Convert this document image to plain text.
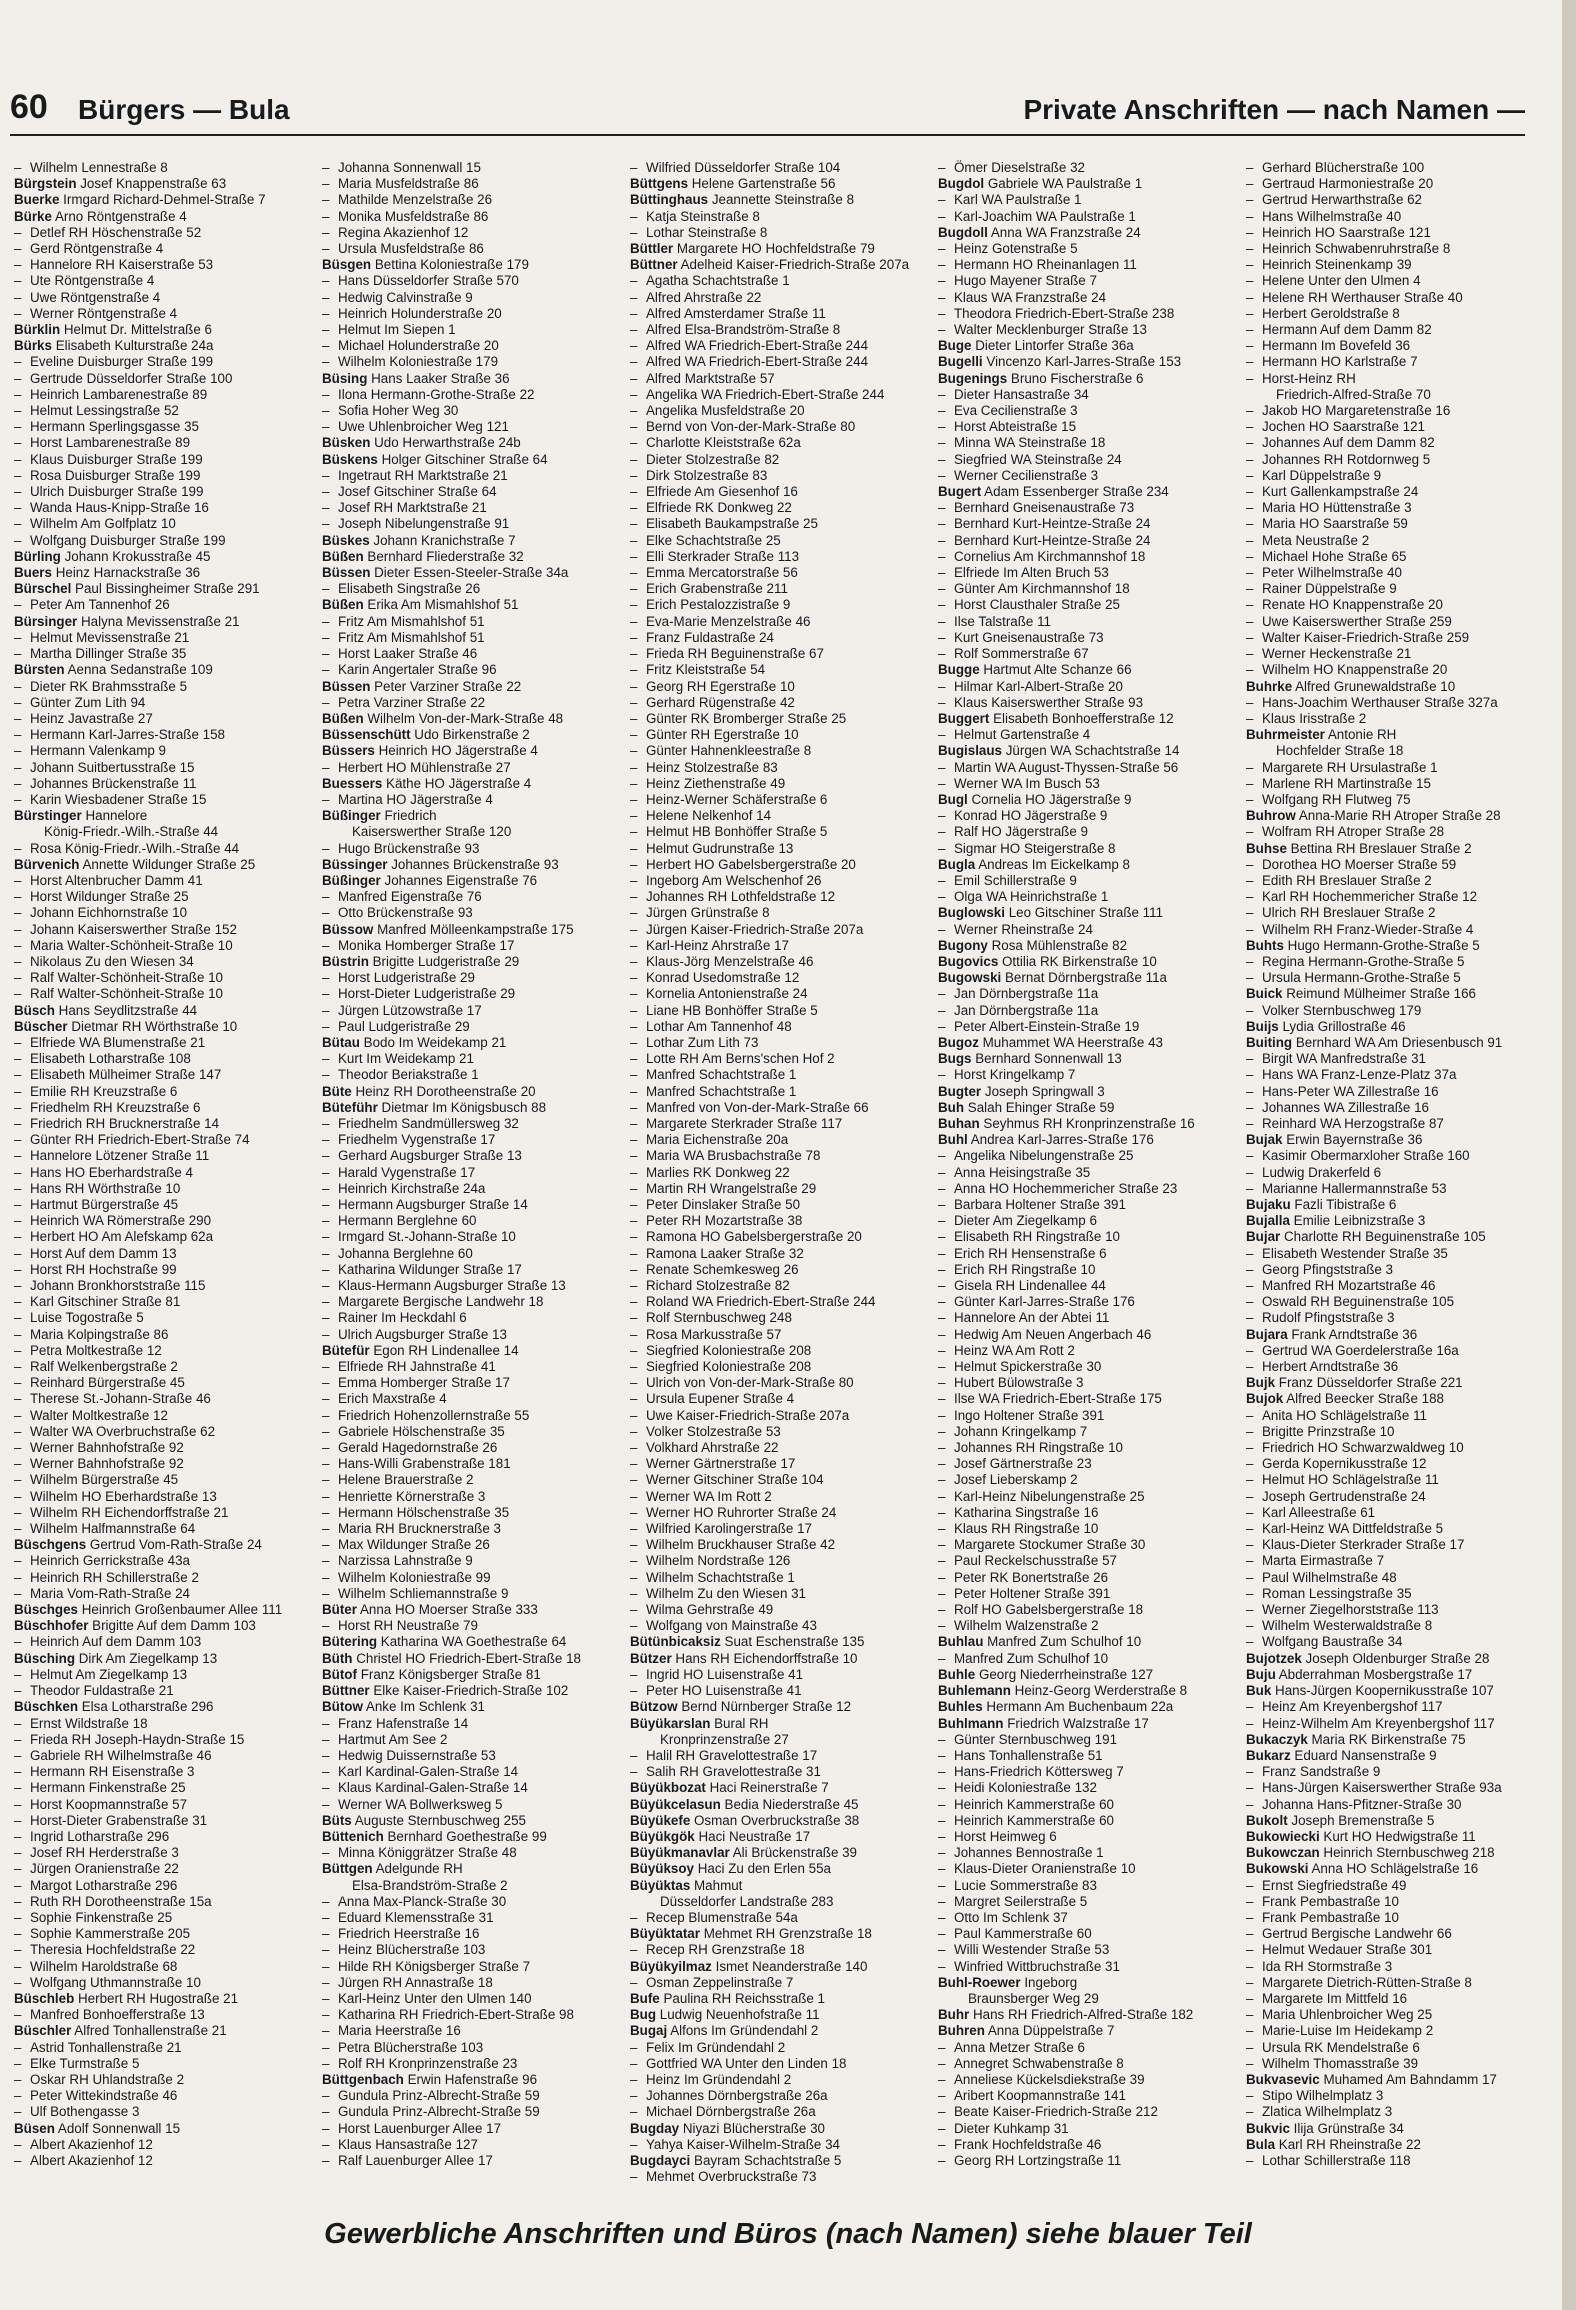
60 Bürgers — Bula	Private Anschriften — nach Namen —
– Wilhelm Lennestraße 8
Bürgstein Josef Knappenstraße 63
Buerke Irmgard Richard-Dehmel-Straße 7
Bürke Arno Röntgenstraße 4
– Detlef RH Höschenstraße 52
– Gerd Röntgenstraße 4
– Hannelore RH Kaiserstraße 53
– Ute Röntgenstraße 4
– Uwe Röntgenstraße 4
– Werner Röntgenstraße 4
Bürklin Helmut Dr. Mittelstraße 6
Bürks Elisabeth Kulturstraße 24a
– Eveline Duisburger Straße 199
– Gertrude Düsseldorfer Straße 100
– Heinrich Lambarenestraße 89
– Helmut Lessingstraße 52
– Hermann Sperlingsgasse 35
– Horst Lambarenestraße 89
– Klaus Duisburger Straße 199
– Rosa Duisburger Straße 199
– Ulrich Duisburger Straße 199
– Wanda Haus-Knipp-Straße 16
– Wilhelm Am Golfplatz 10
– Wolfgang Duisburger Straße 199
Bürling Johann Krokusstraße 45
Buers Heinz Harnackstraße 36
Bürschel Paul Bissingheimer Straße 291
– Peter Am Tannenhof 26
Bürsinger Halyna Mevissenstraße 21
– Helmut Mevissenstraße 21
– Martha Dillinger Straße 35
Bürsten Aenna Sedanstraße 109
– Dieter RK Brahmsstraße 5
– Günter Zum Lith 94
– Heinz Javastraße 27
– Hermann Karl-Jarres-Straße 158
– Hermann Valenkamp 9
– Johann Suitbertusstraße 15
– Johannes Brückenstraße 11
– Karin Wiesbadener Straße 15
Bürstinger Hannelore
König-Friedr.-Wilh.-Straße 44
– Rosa König-Friedr.-Wilh.-Straße 44
Bürvenich Annette Wildunger Straße 25
– Horst Altenbrucher Damm 41
– Horst Wildunger Straße 25
– Johann Eichhornstraße 10
– Johann Kaiserswerther Straße 152
– Maria Walter-Schönheit-Straße 10
– Nikolaus Zu den Wiesen 34
– Ralf Walter-Schönheit-Straße 10
– Ralf Walter-Schönheit-Straße 10
Büsch Hans Seydlitzstraße 44
Büscher Dietmar RH Wörthstraße 10
– Elfriede WA Blumenstraße 21
– Elisabeth Lotharstraße 108
– Elisabeth Mülheimer Straße 147
– Emilie RH Kreuzstraße 6
– Friedhelm RH Kreuzstraße 6
– Friedrich RH Brucknerstraße 14
– Günter RH Friedrich-Ebert-Straße 74
– Hannelore Lötzener Straße 11
– Hans HO Eberhardstraße 4
– Hans RH Wörthstraße 10
– Hartmut Bürgerstraße 45
– Heinrich WA Römerstraße 290
– Herbert HO Am Alefskamp 62a
– Horst Auf dem Damm 13
– Horst RH Hochstraße 99
– Johann Bronkhorststraße 115
– Karl Gitschiner Straße 81
– Luise Togostraße 5
– Maria Kolpingstraße 86
– Petra Moltkestraße 12
– Ralf Welkenbergstraße 2
– Reinhard Bürgerstraße 45
– Therese St.-Johann-Straße 46
– Walter Moltkestraße 12
– Walter WA Overbruchstraße 62
– Werner Bahnhofstraße 92
– Werner Bahnhofstraße 92
– Wilhelm Bürgerstraße 45
– Wilhelm HO Eberhardstraße 13
– Wilhelm RH Eichendorffstraße 21
– Wilhelm Halfmannstraße 64
Büschgens Gertrud Vom-Rath-Straße 24
– Heinrich Gerrickstraße 43a
– Heinrich RH Schillerstraße 2
– Maria Vom-Rath-Straße 24
Büschges Heinrich Großenbaumer Allee 111
Büschhofer Brigitte Auf dem Damm 103
– Heinrich Auf dem Damm 103
Büsching Dirk Am Ziegelkamp 13
– Helmut Am Ziegelkamp 13
– Theodor Fuldastraße 21
Büschken Elsa Lotharstraße 296
– Ernst Wildstraße 18
– Frieda RH Joseph-Haydn-Straße 15
– Gabriele RH Wilhelmstraße 46
– Hermann RH Eisenstraße 3
– Hermann Finkenstraße 25
– Horst Koopmannstraße 57
– Horst-Dieter Grabenstraße 31
– Ingrid Lotharstraße 296
– Josef RH Herderstraße 3
– Jürgen Oranienstraße 22
– Margot Lotharstraße 296
– Ruth RH Dorotheenstraße 15a
– Sophie Finkenstraße 25
– Sophie Kammerstraße 205
– Theresia Hochfeldstraße 22
– Wilhelm Haroldstraße 68
– Wolfgang Uthmannstraße 10
Büschleb Herbert RH Hugostraße 21
– Manfred Bonhoefferstraße 13
Büschler Alfred Tonhallenstraße 21
– Astrid Tonhallenstraße 21
– Elke Turmstraße 5
– Oskar RH Uhlandstraße 2
– Peter Wittekindstraße 46
– Ulf Bothengasse 3
Büsen Adolf Sonnenwall 15
– Albert Akazienhof 12
– Albert Akazienhof 12
– Johanna Sonnenwall 15
– Maria Musfeldstraße 86
– Mathilde Menzelstraße 26
– Monika Musfeldstraße 86
– Regina Akazienhof 12
– Ursula Musfeldstraße 86
Büsgen Bettina Koloniestraße 179
– Hans Düsseldorfer Straße 570
– Hedwig Calvinstraße 9
– Heinrich Holunderstraße 20
– Helmut Im Siepen 1
– Michael Holunderstraße 20
– Wilhelm Koloniestraße 179
Büsing Hans Laaker Straße 36
– Ilona Hermann-Grothe-Straße 22
– Sofia Hoher Weg 30
– Uwe Uhlenbroicher Weg 121
Büsken Udo Herwarthstraße 24b
Büskens Holger Gitschiner Straße 64
– Ingetraut RH Marktstraße 21
– Josef Gitschiner Straße 64
– Josef RH Marktstraße 21
– Joseph Nibelungenstraße 91
Büskes Johann Kranichstraße 7
Büßen Bernhard Fliederstraße 32
Büssen Dieter Essen-Steeler-Straße 34a
– Elisabeth Singstraße 26
Büßen Erika Am Mismahlshof 51
– Fritz Am Mismahlshof 51
– Fritz Am Mismahlshof 51
– Horst Laaker Straße 46
– Karin Angertaler Straße 96
Büssen Peter Varziner Straße 22
– Petra Varziner Straße 22
Büßen Wilhelm Von-der-Mark-Straße 48
Büssenschütt Udo Birkenstraße 2
Büssers Heinrich HO Jägerstraße 4
– Herbert HO Mühlenstraße 27
Buessers Käthe HO Jägerstraße 4
– Martina HO Jägerstraße 4
Büßinger Friedrich
Kaiserswerther Straße 120
– Hugo Brückenstraße 93
Büssinger Johannes Brückenstraße 93
Büßinger Johannes Eigenstraße 76
– Manfred Eigenstraße 76
– Otto Brückenstraße 93
Büssow Manfred Mölleenkampstraße 175
– Monika Homberger Straße 17
Büstrin Brigitte Ludgeristraße 29
– Horst Ludgeristraße 29
– Horst-Dieter Ludgeristraße 29
– Jürgen Lützowstraße 17
– Paul Ludgeristraße 29
Bütau Bodo Im Weidekamp 21
– Kurt Im Weidekamp 21
– Theodor Beriakstraße 1
Büte Heinz RH Dorotheenstraße 20
Büteführ Dietmar Im Königsbusch 88
– Friedhelm Sandmüllersweg 32
– Friedhelm Vygenstraße 17
– Gerhard Augsburger Straße 13
– Harald Vygenstraße 17
– Heinrich Kirchstraße 24a
– Hermann Augsburger Straße 14
– Hermann Berglehne 60
– Irmgard St.-Johann-Straße 10
– Johanna Berglehne 60
– Katharina Wildunger Straße 17
– Klaus-Hermann Augsburger Straße 13
– Margarete Bergische Landwehr 18
– Rainer Im Heckdahl 6
– Ulrich Augsburger Straße 13
Bütefür Egon RH Lindenallee 14
– Elfriede RH Jahnstraße 41
– Emma Homberger Straße 17
– Erich Maxstraße 4
– Friedrich Hohenzollernstraße 55
– Gabriele Hölschenstraße 35
– Gerald Hagedornstraße 26
– Hans-Willi Grabenstraße 181
– Helene Brauerstraße 2
– Henriette Körnerstraße 3
– Hermann Hölschenstraße 35
– Maria RH Brucknerstraße 3
– Max Wildunger Straße 26
– Narzissa Lahnstraße 9
– Wilhelm Koloniestraße 99
– Wilhelm Schliemannstraße 9
Büter Anna HO Moerser Straße 333
– Horst RH Neustraße 79
Bütering Katharina WA Goethestraße 64
Büth Christel HO Friedrich-Ebert-Straße 18
Bütof Franz Königsberger Straße 81
Büttner Elke Kaiser-Friedrich-Straße 102
Bütow Anke Im Schlenk 31
– Franz Hafenstraße 14
– Hartmut Am See 2
– Hedwig Duissernstraße 53
– Karl Kardinal-Galen-Straße 14
– Klaus Kardinal-Galen-Straße 14
– Werner WA Bollwerksweg 5
Büts Auguste Sternbuschweg 255
Büttenich Bernhard Goethestraße 99
– Minna Königgrätzer Straße 48
Büttgen Adelgunde RH
Elsa-Brandström-Straße 2
– Anna Max-Planck-Straße 30
– Eduard Klemensstraße 31
– Friedrich Heerstraße 16
– Heinz Blücherstraße 103
– Hilde RH Königsberger Straße 7
– Jürgen RH Annastraße 18
– Karl-Heinz Unter den Ulmen 140
– Katharina RH Friedrich-Ebert-Straße 98
– Maria Heerstraße 16
– Petra Blücherstraße 103
– Rolf RH Kronprinzenstraße 23
Büttgenbach Erwin Hafenstraße 96
– Gundula Prinz-Albrecht-Straße 59
– Gundula Prinz-Albrecht-Straße 59
– Horst Lauenburger Allee 17
– Klaus Hansastraße 127
– Ralf Lauenburger Allee 17
– Wilfried Düsseldorfer Straße 104
Büttgens Helene Gartenstraße 56
Büttinghaus Jeannette Steinstraße 8
– Katja Steinstraße 8
– Lothar Steinstraße 8
Büttler Margarete HO Hochfeldstraße 79
Büttner Adelheid Kaiser-Friedrich-Straße 207a
– Agatha Schachtstraße 1
– Alfred Ahrstraße 22
– Alfred Amsterdamer Straße 11
– Alfred Elsa-Brandström-Straße 8
– Alfred WA Friedrich-Ebert-Straße 244
– Alfred WA Friedrich-Ebert-Straße 244
– Alfred Marktstraße 57
– Angelika WA Friedrich-Ebert-Straße 244
– Angelika Musfeldstraße 20
– Bernd von Von-der-Mark-Straße 80
– Charlotte Kleiststraße 62a
– Dieter Stolzestraße 82
– Dirk Stolzestraße 83
– Elfriede Am Giesenhof 16
– Elfriede RK Donkweg 22
– Elisabeth Baukampstraße 25
– Elke Schachtstraße 25
– Elli Sterkrader Straße 113
– Emma Mercatorstraße 56
– Erich Grabenstraße 211
– Erich Pestalozzistraße 9
– Eva-Marie Menzelstraße 46
– Franz Fuldastraße 24
– Frieda RH Beguinenstraße 67
– Fritz Kleiststraße 54
– Georg RH Egerstraße 10
– Gerhard Rügenstraße 42
– Günter RK Bromberger Straße 25
– Günter RH Egerstraße 10
– Günter Hahnenkleestraße 8
– Heinz Stolzestraße 83
– Heinz Ziethenstraße 49
– Heinz-Werner Schäferstraße 6
– Helene Nelkenhof 14
– Helmut HB Bonhöffer Straße 5
– Helmut Gudrunstraße 13
– Herbert HO Gabelsbergerstraße 20
– Ingeborg Am Welschenhof 26
– Johannes RH Lothfeldstraße 12
– Jürgen Grünstraße 8
– Jürgen Kaiser-Friedrich-Straße 207a
– Karl-Heinz Ahrstraße 17
– Klaus-Jörg Menzelstraße 46
– Konrad Usedomstraße 12
– Kornelia Antonienstraße 24
– Liane HB Bonhöffer Straße 5
– Lothar Am Tannenhof 48
– Lothar Zum Lith 73
– Lotte RH Am Berns'schen Hof 2
– Manfred Schachtstraße 1
– Manfred Schachtstraße 1
– Manfred von Von-der-Mark-Straße 66
– Margarete Sterkrader Straße 117
– Maria Eichenstraße 20a
– Maria WA Brusbachstraße 78
– Marlies RK Donkweg 22
– Martin RH Wrangelstraße 29
– Peter Dinslaker Straße 50
– Peter RH Mozartstraße 38
– Ramona HO Gabelsbergerstraße 20
– Ramona Laaker Straße 32
– Renate Schemkesweg 26
– Richard Stolzestraße 82
– Roland WA Friedrich-Ebert-Straße 244
– Rolf Sternbuschweg 248
– Rosa Markusstraße 57
– Siegfried Koloniestraße 208
– Siegfried Koloniestraße 208
– Ulrich von Von-der-Mark-Straße 80
– Ursula Eupener Straße 4
– Uwe Kaiser-Friedrich-Straße 207a
– Volker Stolzestraße 53
– Volkhard Ahrstraße 22
– Werner Gärtnerstraße 17
– Werner Gitschiner Straße 104
– Werner WA Im Rott 2
– Werner HO Ruhrorter Straße 24
– Wilfried Karolingerstraße 17
– Wilhelm Bruckhauser Straße 42
– Wilhelm Nordstraße 126
– Wilhelm Schachtstraße 1
– Wilhelm Zu den Wiesen 31
– Wilma Gehrstraße 49
– Wolfgang von Mainstraße 43
Bütünbicaksiz Suat Eschenstraße 135
Bützer Hans RH Eichendorffstraße 10
– Ingrid HO Luisenstraße 41
– Peter HO Luisenstraße 41
Bützow Bernd Nürnberger Straße 12
Büyükarslan Bural RH
Kronprinzenstraße 27
– Halil RH Gravelottestraße 17
– Salih RH Gravelottestraße 31
Büyükbozat Haci Reinerstraße 7
Büyükcelasun Bedia Niederstraße 45
Büyükefe Osman Overbruckstraße 38
Büyükgök Haci Neustraße 17
Büyükmanavlar Ali Brückenstraße 39
Büyüksoy Haci Zu den Erlen 55a
Büyüktas Mahmut
Düsseldorfer Landstraße 283
– Recep Blumenstraße 54a
Büyüktatar Mehmet RH Grenzstraße 18
– Recep RH Grenzstraße 18
Büyükyilmaz Ismet Neanderstraße 140
– Osman Zeppelinstraße 7
Bufe Paulina RH Reichsstraße 1
Bug Ludwig Neuenhofstraße 11
Bugaj Alfons Im Gründendahl 2
– Felix Im Gründendahl 2
– Gottfried WA Unter den Linden 18
– Heinz Im Gründendahl 2
– Johannes Dörnbergstraße 26a
– Michael Dörnbergstraße 26a
Bugday Niyazi Blücherstraße 30
– Yahya Kaiser-Wilhelm-Straße 34
Bugdayci Bayram Schachtstraße 5
– Mehmet Overbruckstraße 73
– Ömer Dieselstraße 32
Bugdol Gabriele WA Paulstraße 1
– Karl WA Paulstraße 1
– Karl-Joachim WA Paulstraße 1
Bugdoll Anna WA Franzstraße 24
– Heinz Gotenstraße 5
– Hermann HO Rheinanlagen 11
– Hugo Mayener Straße 7
– Klaus WA Franzstraße 24
– Theodora Friedrich-Ebert-Straße 238
– Walter Mecklenburger Straße 13
Buge Dieter Lintorfer Straße 36a
Bugelli Vincenzo Karl-Jarres-Straße 153
Bugenings Bruno Fischerstraße 6
– Dieter Hansastraße 34
– Eva Cecilienstraße 3
– Horst Abteistraße 15
– Minna WA Steinstraße 18
– Siegfried WA Steinstraße 24
– Werner Cecilienstraße 3
Bugert Adam Essenberger Straße 234
– Bernhard Gneisenaustraße 73
– Bernhard Kurt-Heintze-Straße 24
– Bernhard Kurt-Heintze-Straße 24
– Cornelius Am Kirchmannshof 18
– Elfriede Im Alten Bruch 53
– Günter Am Kirchmannshof 18
– Horst Clausthaler Straße 25
– Ilse Talstraße 11
– Kurt Gneisenaustraße 73
– Rolf Sommerstraße 67
Bugge Hartmut Alte Schanze 66
– Hilmar Karl-Albert-Straße 20
– Klaus Kaiserswerther Straße 93
Buggert Elisabeth Bonhoefferstraße 12
– Helmut Gartenstraße 4
Bugislaus Jürgen WA Schachtstraße 14
– Martin WA August-Thyssen-Straße 56
– Werner WA Im Busch 53
Bugl Cornelia HO Jägerstraße 9
– Konrad HO Jägerstraße 9
– Ralf HO Jägerstraße 9
– Sigmar HO Steigerstraße 8
Bugla Andreas Im Eickelkamp 8
– Emil Schillerstraße 9
– Olga WA Heinrichstraße 1
Buglowski Leo Gitschiner Straße 111
– Werner Rheinstraße 24
Bugony Rosa Mühlenstraße 82
Bugovics Ottilia RK Birkenstraße 10
Bugowski Bernat Dörnbergstraße 11a
– Jan Dörnbergstraße 11a
– Jan Dörnbergstraße 11a
– Peter Albert-Einstein-Straße 19
Bugoz Muhammet WA Heerstraße 43
Bugs Bernhard Sonnenwall 13
– Horst Kringelkamp 7
Bugter Joseph Springwall 3
Buh Salah Ehinger Straße 59
Buhan Seyhmus RH Kronprinzenstraße 16
Buhl Andrea Karl-Jarres-Straße 176
– Angelika Nibelungenstraße 25
– Anna Heisingstraße 35
– Anna HO Hochemmericher Straße 23
– Barbara Holtener Straße 391
– Dieter Am Ziegelkamp 6
– Elisabeth RH Ringstraße 10
– Erich RH Hensenstraße 6
– Erich RH Ringstraße 10
– Gisela RH Lindenallee 44
– Günter Karl-Jarres-Straße 176
– Hannelore An der Abtei 11
– Hedwig Am Neuen Angerbach 46
– Heinz WA Am Rott 2
– Helmut Spickerstraße 30
– Hubert Bülowstraße 3
– Ilse WA Friedrich-Ebert-Straße 175
– Ingo Holtener Straße 391
– Johann Kringelkamp 7
– Johannes RH Ringstraße 10
– Josef Gärtnerstraße 23
– Josef Lieberskamp 2
– Karl-Heinz Nibelungenstraße 25
– Katharina Singstraße 16
– Klaus RH Ringstraße 10
– Margarete Stockumer Straße 30
– Paul Reckelschusstraße 57
– Peter RK Bonertstraße 26
– Peter Holtener Straße 391
– Rolf HO Gabelsbergerstraße 18
– Wilhelm Walzenstraße 2
Buhlau Manfred Zum Schulhof 10
– Manfred Zum Schulhof 10
Buhle Georg Niederrheinstraße 127
Buhlemann Heinz-Georg Werderstraße 8
Buhles Hermann Am Buchenbaum 22a
Buhlmann Friedrich Walzstraße 17
– Günter Sternbuschweg 191
– Hans Tonhallenstraße 51
– Hans-Friedrich Köttersweg 7
– Heidi Koloniestraße 132
– Heinrich Kammerstraße 60
– Heinrich Kammerstraße 60
– Horst Heimweg 6
– Johannes Bennostraße 1
– Klaus-Dieter Oranienstraße 10
– Lucie Sommerstraße 83
– Margret Seilerstraße 5
– Otto Im Schlenk 37
– Paul Kammerstraße 60
– Willi Westender Straße 53
– Winfried Wittbruchstraße 31
Buhl-Roewer Ingeborg
Braunsberger Weg 29
Buhr Hans RH Friedrich-Alfred-Straße 182
Buhren Anna Düppelstraße 7
– Anna Metzer Straße 6
– Annegret Schwabenstraße 8
– Anneliese Kückelsdiekstraße 39
– Aribert Koopmannstraße 141
– Beate Kaiser-Friedrich-Straße 212
– Dieter Kuhkamp 31
– Frank Hochfeldstraße 46
– Georg RH Lortzingstraße 11
– Gerhard Blücherstraße 100
– Gertraud Harmoniestraße 20
– Gertrud Herwarthstraße 62
– Hans Wilhelmstraße 40
– Heinrich HO Saarstraße 121
– Heinrich Schwabenruhrstraße 8
– Heinrich Steinenkamp 39
– Helene Unter den Ulmen 4
– Helene RH Werthauser Straße 40
– Herbert Geroldstraße 8
– Hermann Auf dem Damm 82
– Hermann Im Bovefeld 36
– Hermann HO Karlstraße 7
– Horst-Heinz RH
Friedrich-Alfred-Straße 70
– Jakob HO Margaretenstraße 16
– Jochen HO Saarstraße 121
– Johannes Auf dem Damm 82
– Johannes RH Rotdornweg 5
– Karl Düppelstraße 9
– Kurt Gallenkampstraße 24
– Maria HO Hüttenstraße 3
– Maria HO Saarstraße 59
– Meta Neustraße 2
– Michael Hohe Straße 65
– Peter Wilhelmstraße 40
– Rainer Düppelstraße 9
– Renate HO Knappenstraße 20
– Uwe Kaiserswerther Straße 259
– Walter Kaiser-Friedrich-Straße 259
– Werner Heckenstraße 21
– Wilhelm HO Knappenstraße 20
Buhrke Alfred Grunewaldstraße 10
– Hans-Joachim Werthauser Straße 327a
– Klaus Irisstraße 2
Buhrmeister Antonie RH
Hochfelder Straße 18
– Margarete RH Ursulastraße 1
– Marlene RH Martinstraße 15
– Wolfgang RH Flutweg 75
Buhrow Anna-Marie RH Atroper Straße 28
– Wolfram RH Atroper Straße 28
Buhse Bettina RH Breslauer Straße 2
– Dorothea HO Moerser Straße 59
– Edith RH Breslauer Straße 2
– Karl RH Hochemmericher Straße 12
– Ulrich RH Breslauer Straße 2
– Wilhelm RH Franz-Wieder-Straße 4
Buhts Hugo Hermann-Grothe-Straße 5
– Regina Hermann-Grothe-Straße 5
– Ursula Hermann-Grothe-Straße 5
Buick Reimund Mülheimer Straße 166
– Volker Sternbuschweg 179
Buijs Lydia Grillostraße 46
Buiting Bernhard WA Am Driesenbusch 91
– Birgit WA Manfredstraße 31
– Hans WA Franz-Lenze-Platz 37a
– Hans-Peter WA Zillestraße 16
– Johannes WA Zillestraße 16
– Reinhard WA Herzogstraße 87
Bujak Erwin Bayernstraße 36
– Kasimir Obermarxloher Straße 160
– Ludwig Drakerfeld 6
– Marianne Hallermannstraße 53
Bujaku Fazli Tibistraße 6
Bujalla Emilie Leibnizstraße 3
Bujar Charlotte RH Beguinenstraße 105
– Elisabeth Westender Straße 35
– Georg Pfingststraße 3
– Manfred RH Mozartstraße 46
– Oswald RH Beguinenstraße 105
– Rudolf Pfingststraße 3
Bujara Frank Arndtstraße 36
– Gertrud WA Goerdelerstraße 16a
– Herbert Arndtstraße 36
Bujk Franz Düsseldorfer Straße 221
Bujok Alfred Beecker Straße 188
– Anita HO Schlägelstraße 11
– Brigitte Prinzstraße 10
– Friedrich HO Schwarzwaldweg 10
– Gerda Kopernikusstraße 12
– Helmut HO Schlägelstraße 11
– Joseph Gertrudenstraße 24
– Karl Alleestraße 61
– Karl-Heinz WA Dittfeldstraße 5
– Klaus-Dieter Sterkrader Straße 17
– Marta Eirmastraße 7
– Paul Wilhelmstraße 48
– Roman Lessingstraße 35
– Werner Ziegelhorststraße 113
– Wilhelm Westerwaldstraße 8
– Wolfgang Baustraße 34
Bujotzek Joseph Oldenburger Straße 28
Buju Abderrahman Mosbergstraße 17
Buk Hans-Jürgen Koopernikusstraße 107
– Heinz Am Kreyenbergshof 117
– Heinz-Wilhelm Am Kreyenbergshof 117
Bukaczyk Maria RK Birkenstraße 75
Bukarz Eduard Nansenstraße 9
– Franz Sandstraße 9
– Hans-Jürgen Kaiserswerther Straße 93a
– Johanna Hans-Pfitzner-Straße 30
Bukolt Joseph Bremenstraße 5
Bukowiecki Kurt HO Hedwigstraße 11
Bukowczan Heinrich Sternbuschweg 218
Bukowski Anna HO Schlägelstraße 16
– Ernst Siegfriedstraße 49
– Frank Pembastraße 10
– Frank Pembastraße 10
– Gertrud Bergische Landwehr 66
– Helmut Wedauer Straße 301
– Ida RH Stormstraße 3
– Margarete Dietrich-Rütten-Straße 8
– Margarete Im Mittfeld 16
– Maria Uhlenbroicher Weg 25
– Marie-Luise Im Heidekamp 2
– Ursula RK Mendelstraße 6
– Wilhelm Thomasstraße 39
Bukvasevic Muhamed Am Bahndamm 17
– Stipo Wilhelmplatz 3
– Zlatica Wilhelmplatz 3
Bukvic Ilija Grünstraße 34
Bula Karl RH Rheinstraße 22
– Lothar Schillerstraße 118
Gewerbliche Anschriften und Büros (nach Namen) siehe blauer Teil
